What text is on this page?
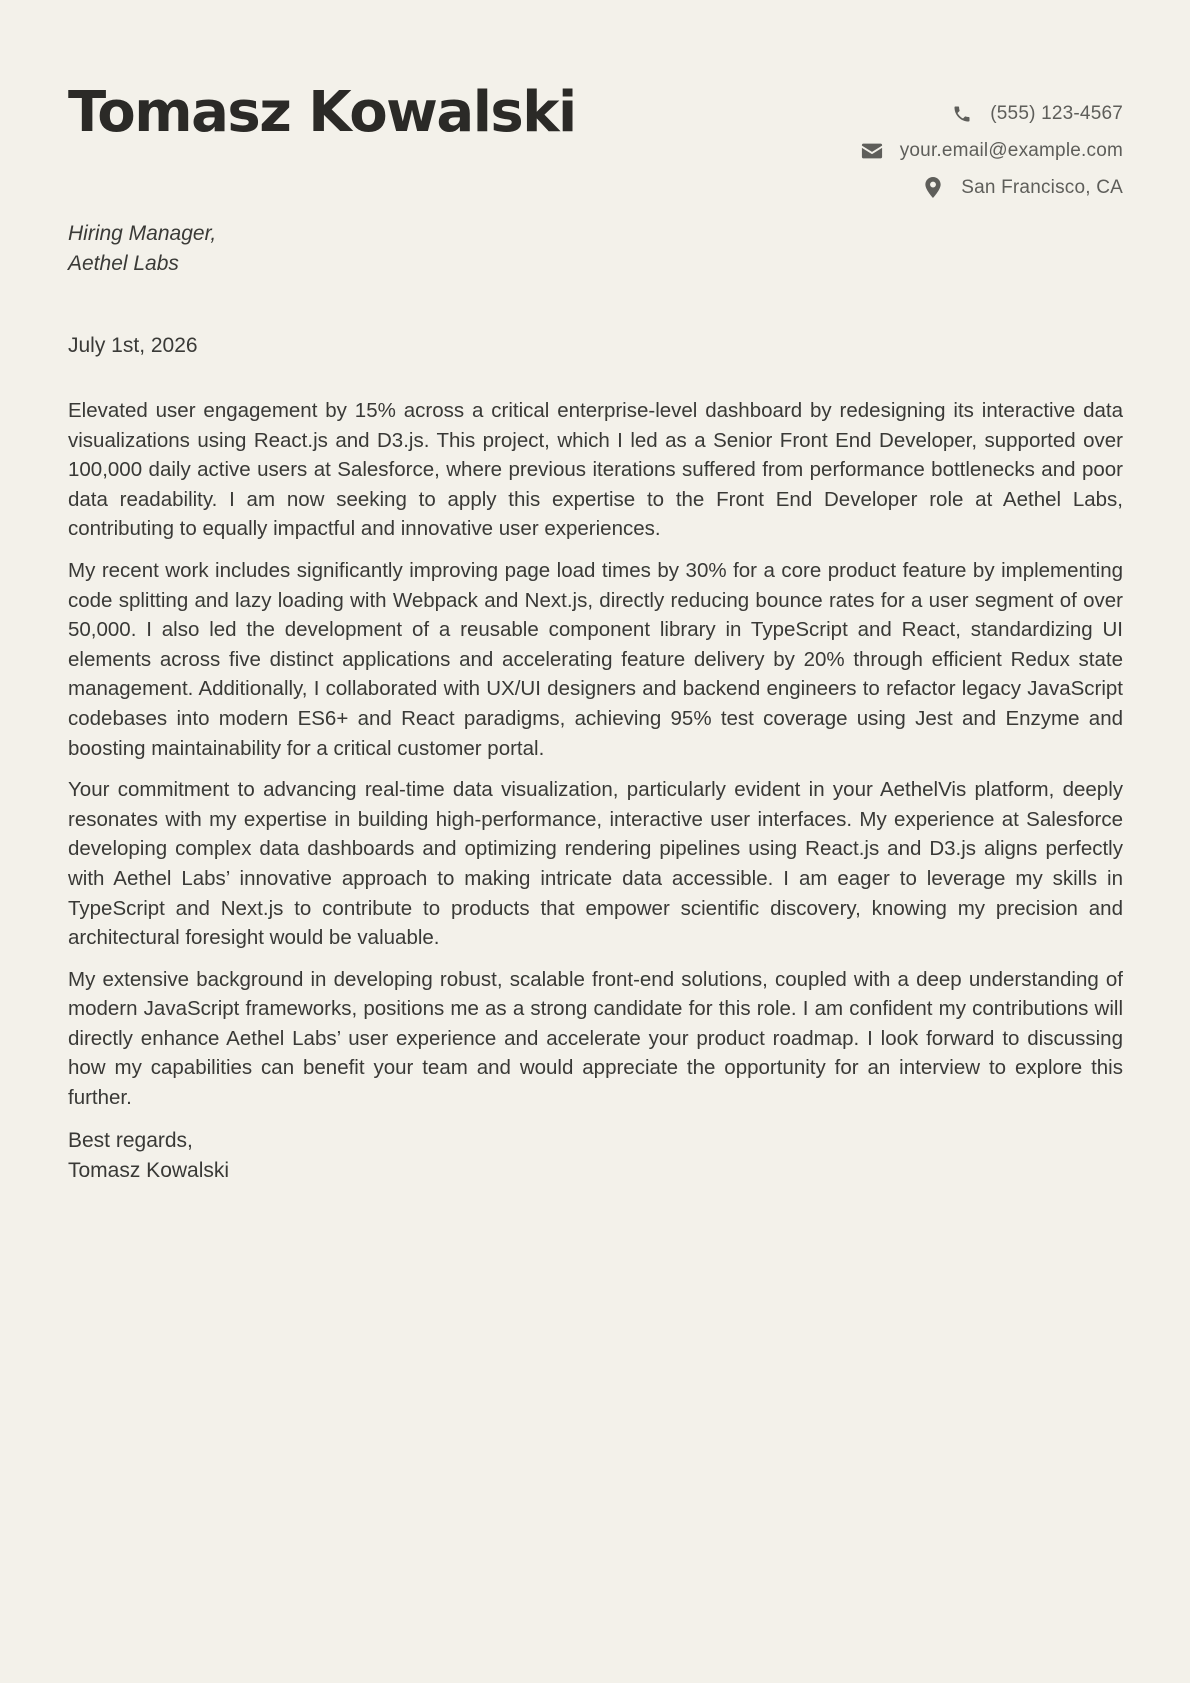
Tomasz Kowalski	(555) 123-4567
your.email@example.com
San Francisco, CA
Hiring Manager,
Aethel Labs
July 1st, 2026

Elevated user engagement by 15% across a critical enterprise-level dashboard by redesigning its interactive data visualizations using React.js and D3.js. This project, which I led as a Senior Front End Developer, supported over 100,000 daily active users at Salesforce, where previous iterations suffered from performance bottlenecks and poor data readability. I am now seeking to apply this expertise to the Front End Developer role at Aethel Labs, contributing to equally impactful and innovative user experiences.

My recent work includes significantly improving page load times by 30% for a core product feature by implementing code splitting and lazy loading with Webpack and Next.js, directly reducing bounce rates for a user segment of over 50,000. I also led the development of a reusable component library in TypeScript and React, standardizing UI elements across five distinct applications and accelerating feature delivery by 20% through efficient Redux state management. Additionally, I collaborated with UX/UI designers and backend engineers to refactor legacy JavaScript codebases into modern ES6+ and React paradigms, achieving 95% test coverage using Jest and Enzyme and boosting maintainability for a critical customer portal.

Your commitment to advancing real-time data visualization, particularly evident in your AethelVis platform, deeply resonates with my expertise in building high-performance, interactive user interfaces. My experience at Salesforce developing complex data dashboards and optimizing rendering pipelines using React.js and D3.js aligns perfectly with Aethel Labs’ innovative approach to making intricate data accessible. I am eager to leverage my skills in TypeScript and Next.js to contribute to products that empower scientific discovery, knowing my precision and architectural foresight would be valuable.

My extensive background in developing robust, scalable front-end solutions, coupled with a deep understanding of modern JavaScript frameworks, positions me as a strong candidate for this role. I am confident my contributions will directly enhance Aethel Labs’ user experience and accelerate your product roadmap. I look forward to discussing how my capabilities can benefit your team and would appreciate the opportunity for an interview to explore this further.

Best regards,
Tomasz Kowalski
